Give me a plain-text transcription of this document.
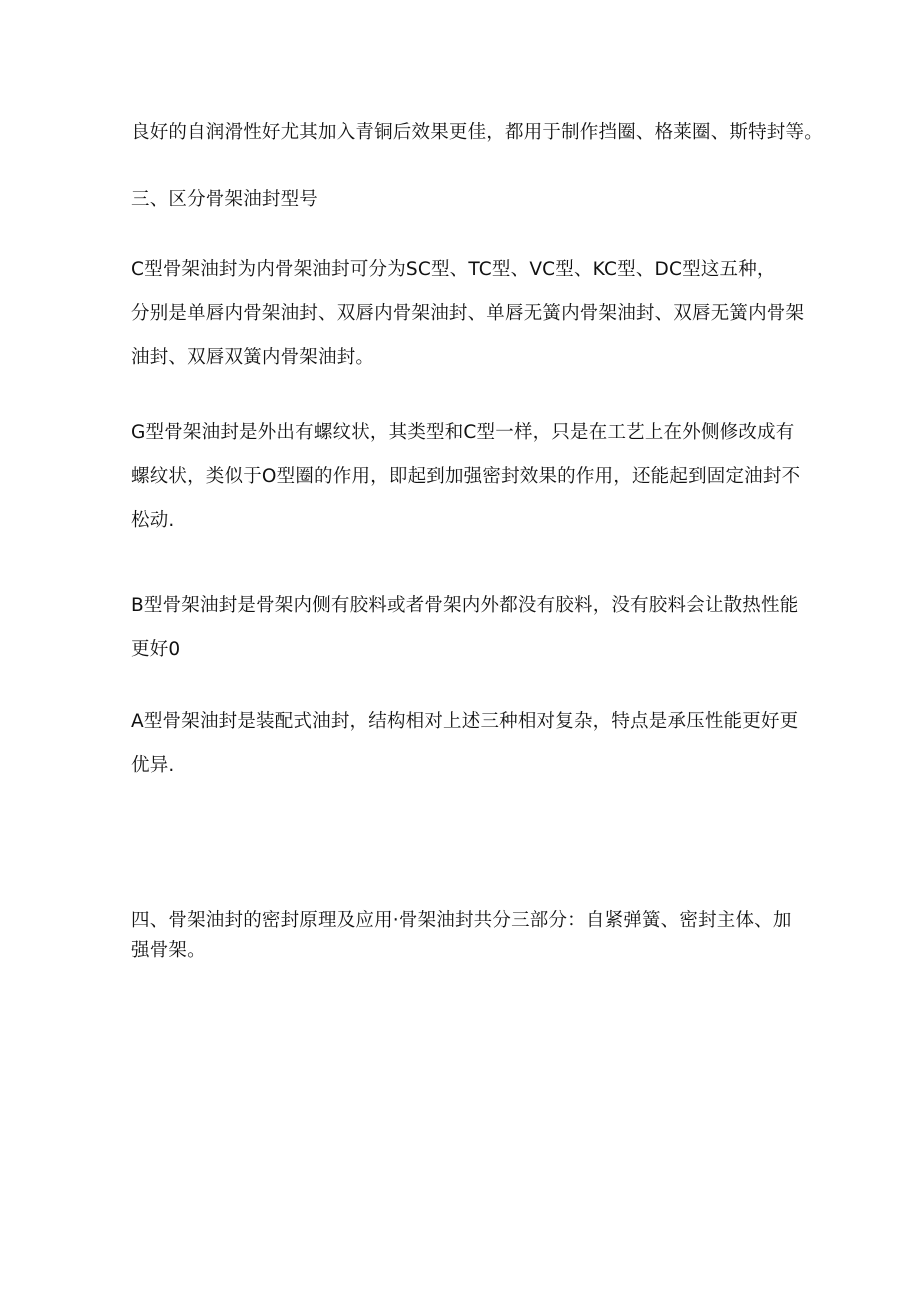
良好的自润滑性好尤其加入青铜后效果更佳，都用于制作挡圈、格莱圈、斯特封等。

三、区分骨架油封型号

C型骨架油封为内骨架油封可分为SC型、TC型、VC型、KC型、DC型这五种，
分别是单唇内骨架油封、双唇内骨架油封、单唇无簧内骨架油封、双唇无簧内骨架
油封、双唇双簧内骨架油封。

G型骨架油封是外出有螺纹状，其类型和C型一样，只是在工艺上在外侧修改成有
螺纹状，类似于O型圈的作用，即起到加强密封效果的作用，还能起到固定油封不
松动.

B型骨架油封是骨架内侧有胶料或者骨架内外都没有胶料，没有胶料会让散热性能
更好0

A型骨架油封是装配式油封，结构相对上述三种相对复杂，特点是承压性能更好更
优异.

四、骨架油封的密封原理及应用·骨架油封共分三部分：自紧弹簧、密封主体、加
强骨架。
